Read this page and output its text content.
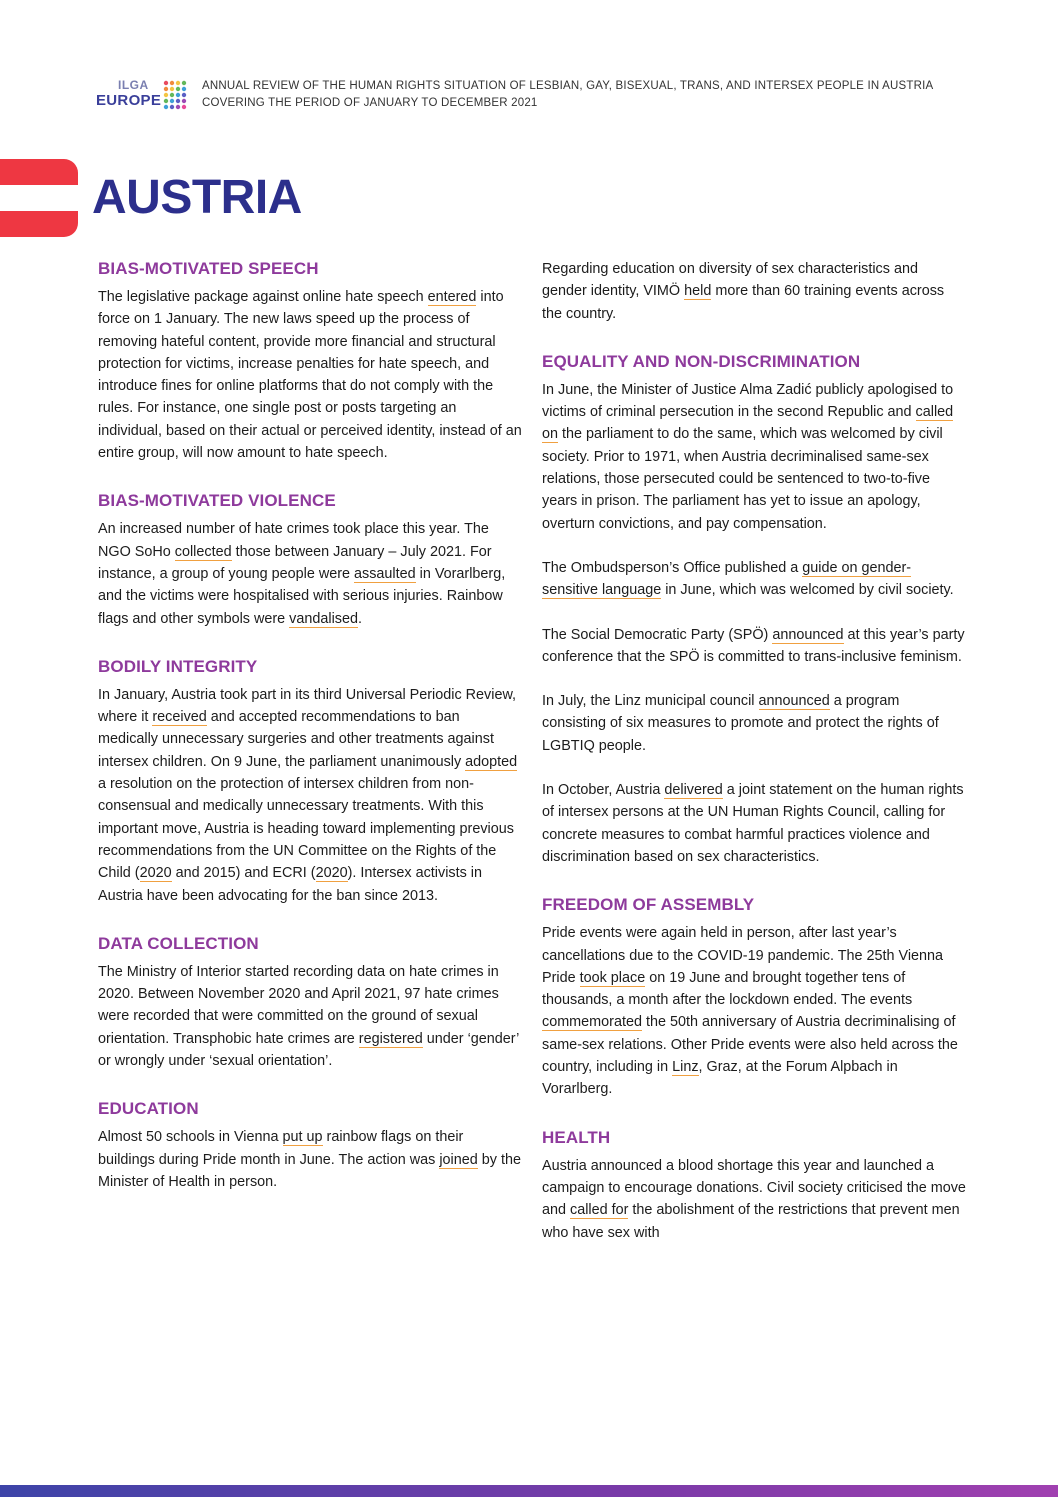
ILGA
EUROPE
ANNUAL REVIEW OF THE HUMAN RIGHTS SITUATION OF LESBIAN, GAY, BISEXUAL, TRANS, AND INTERSEX PEOPLE IN AUSTRIA
COVERING THE PERIOD OF JANUARY TO DECEMBER 2021
AUSTRIA
BIAS-MOTIVATED SPEECH

The legislative package against online hate speech entered into force on 1 January. The new laws speed up the process of removing hateful content, provide more financial and structural protection for victims, increase penalties for hate speech, and introduce fines for online platforms that do not comply with the rules. For instance, one single post or posts targeting an individual, based on their actual or perceived identity, instead of an entire group, will now amount to hate speech.

BIAS-MOTIVATED VIOLENCE

An increased number of hate crimes took place this year. The NGO SoHo collected those between January – July 2021. For instance, a group of young people were assaulted in Vorarlberg, and the victims were hospitalised with serious injuries. Rainbow flags and other symbols were vandalised.

BODILY INTEGRITY

In January, Austria took part in its third Universal Periodic Review, where it received and accepted recommendations to ban medically unnecessary surgeries and other treatments against intersex children. On 9 June, the parliament unanimously adopted a resolution on the protection of intersex children from non-consensual and medically unnecessary treatments. With this important move, Austria is heading toward implementing previous recommendations from the UN Committee on the Rights of the Child (2020 and 2015) and ECRI (2020). Intersex activists in Austria have been advocating for the ban since 2013.

DATA COLLECTION

The Ministry of Interior started recording data on hate crimes in 2020. Between November 2020 and April 2021, 97 hate crimes were recorded that were committed on the ground of sexual orientation. Transphobic hate crimes are registered under ‘gender’ or wrongly under ‘sexual orientation’.

EDUCATION

Almost 50 schools in Vienna put up rainbow flags on their buildings during Pride month in June. The action was joined by the Minister of Health in person.

Regarding education on diversity of sex characteristics and gender identity, VIMÖ held more than 60 training events across the country.

EQUALITY AND NON-DISCRIMINATION

In June, the Minister of Justice Alma Zadić publicly apologised to victims of criminal persecution in the second Republic and called on the parliament to do the same, which was welcomed by civil society. Prior to 1971, when Austria decriminalised same-sex relations, those persecuted could be sentenced to two-to-five years in prison. The parliament has yet to issue an apology, overturn convictions, and pay compensation.

The Ombudsperson’s Office published a guide on gender-sensitive language in June, which was welcomed by civil society.

The Social Democratic Party (SPÖ) announced at this year’s party conference that the SPÖ is committed to trans-inclusive feminism.

In July, the Linz municipal council announced a program consisting of six measures to promote and protect the rights of LGBTIQ people.

In October, Austria delivered a joint statement on the human rights of intersex persons at the UN Human Rights Council, calling for concrete measures to combat harmful practices violence and discrimination based on sex characteristics.

FREEDOM OF ASSEMBLY

Pride events were again held in person, after last year’s cancellations due to the COVID-19 pandemic. The 25th Vienna Pride took place on 19 June and brought together tens of thousands, a month after the lockdown ended. The events commemorated the 50th anniversary of Austria decriminalising of same-sex relations. Other Pride events were also held across the country, including in Linz, Graz, at the Forum Alpbach in Vorarlberg.

HEALTH

Austria announced a blood shortage this year and launched a campaign to encourage donations. Civil society criticised the move and called for the abolishment of the restrictions that prevent men who have sex with
